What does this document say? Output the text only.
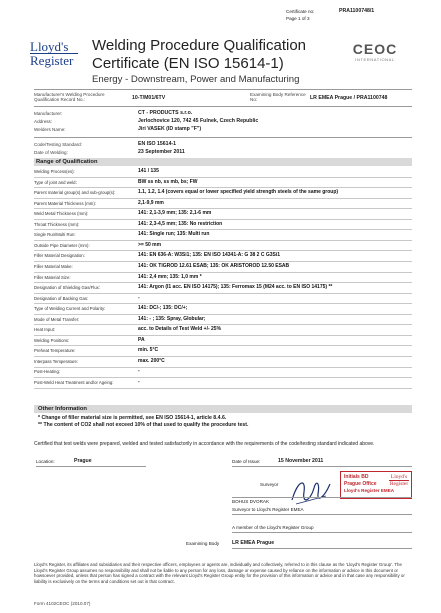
Certificate no:	PRA1100748/1
Page 1 of 3
Lloyd's
Register
Welding Procedure Qualification
Certificate (EN ISO 15614-1)
Energy - Downstream, Power and Manufacturing
CEOC
INTERNATIONAL
Manufacturer's Welding Procedure Qualification Record No.:	10-T/M01/6TV
Examining Body Reference No:	LR EMEA Prague / PRA1100748
Manufacturer:	CT - PRODUCTS s.r.o.
Address:	Jerlochovice 120, 742 45 Fulnek, Czech Republic
Welders Name:	Jiri VASEK (ID stamp "F")
Code/Testing Standard:	EN ISO 15614-1
Date of Welding:	23 September 2011
Range of Qualification
Welding Process(es):	141 / 135
Type of joint and weld:	BW ss nb, ss mb, bs; FW
Parent material group(s) and sub-group(s):	1.1, 1.2, 1.4 (covers equal or lower specified yield strength steels of the same group)
Parent Material Thickness (mm):	2,1-9,9 mm
Weld Metal Thickness (mm):	141: 2,1-3,9 mm; 135: 2,1-6 mm
Throat Thickness (mm):	141: 2,3-4,5 mm; 135: No restriction
Single Run/Multi Run:	141: Single run; 135: Multi run
Outside Pipe Diameter (mm):	>= 50 mm
Filler Material Designation:	141: EN 636-A: W3Si1; 135: EN ISO 14341-A: G 38 2 C G3Si1
Filler Material Make:	141: OK TIGROD 12.61 ESAB; 135: OK ARISTOROD 12.50 ESAB
Filler Material Size:	141: 2,4 mm; 135: 1,0 mm *
Designation of Shielding Gas/Flux:	141: Argon (I1 acc. EN ISO 14175); 135: Ferromax 15 (M24 acc. to EN ISO 14175) **
Designation of Backing Gas:	-
Type of Welding Current and Polarity:	141: DC/-; 135: DC/+;
Mode of Metal Transfer:	141: - ; 135: Spray, Globular;
Heat Input:	acc. to Details of Test Weld +/- 25%
Welding Positions:	PA
Preheat Temperature:	min. 5°C
Interpass Temperature:	max. 200°C
Post-Heating:	-
Post-Weld Heat Treatment and/or Ageing:	-
Other Information
* Change of filler material size is permitted, see EN ISO 15614-1, article 8.4.6.
** The content of CO2 shall not exceed 10% of that used to qualify the procedure test.
Certified that test welds were prepared, welded and tested satisfactorily in accordance with the requirements of the code/testing standard indicated above.
Location:	Prague	Date of Issue:	15 November 2011
Surveyor
Initials BD
Prague Office
Lloyd's Register EMEA
Lloyd's
Register
BOHUS DVORAK
Surveyor to Lloyd's Register EMEA
A member of the Lloyd's Register Group
Examining Body LR EMEA Prague
Lloyd's Register, its affiliates and subsidiaries and their respective officers, employees or agents are, individually and collectively, referred to in this clause as the 'Lloyd's Register Group'. The Lloyd's Register Group assumes no responsibility and shall not be liable to any person for any loss, damage or expense caused by reliance on the information or advice in this document or howsoever provided, unless that person has signed a contract with the relevant Lloyd's Register Group entity for the provision of this information or advice and in that case any responsibility or liability is exclusively on the terms and conditions set out in that contract.
Form 4102CEOC (2010.07)
